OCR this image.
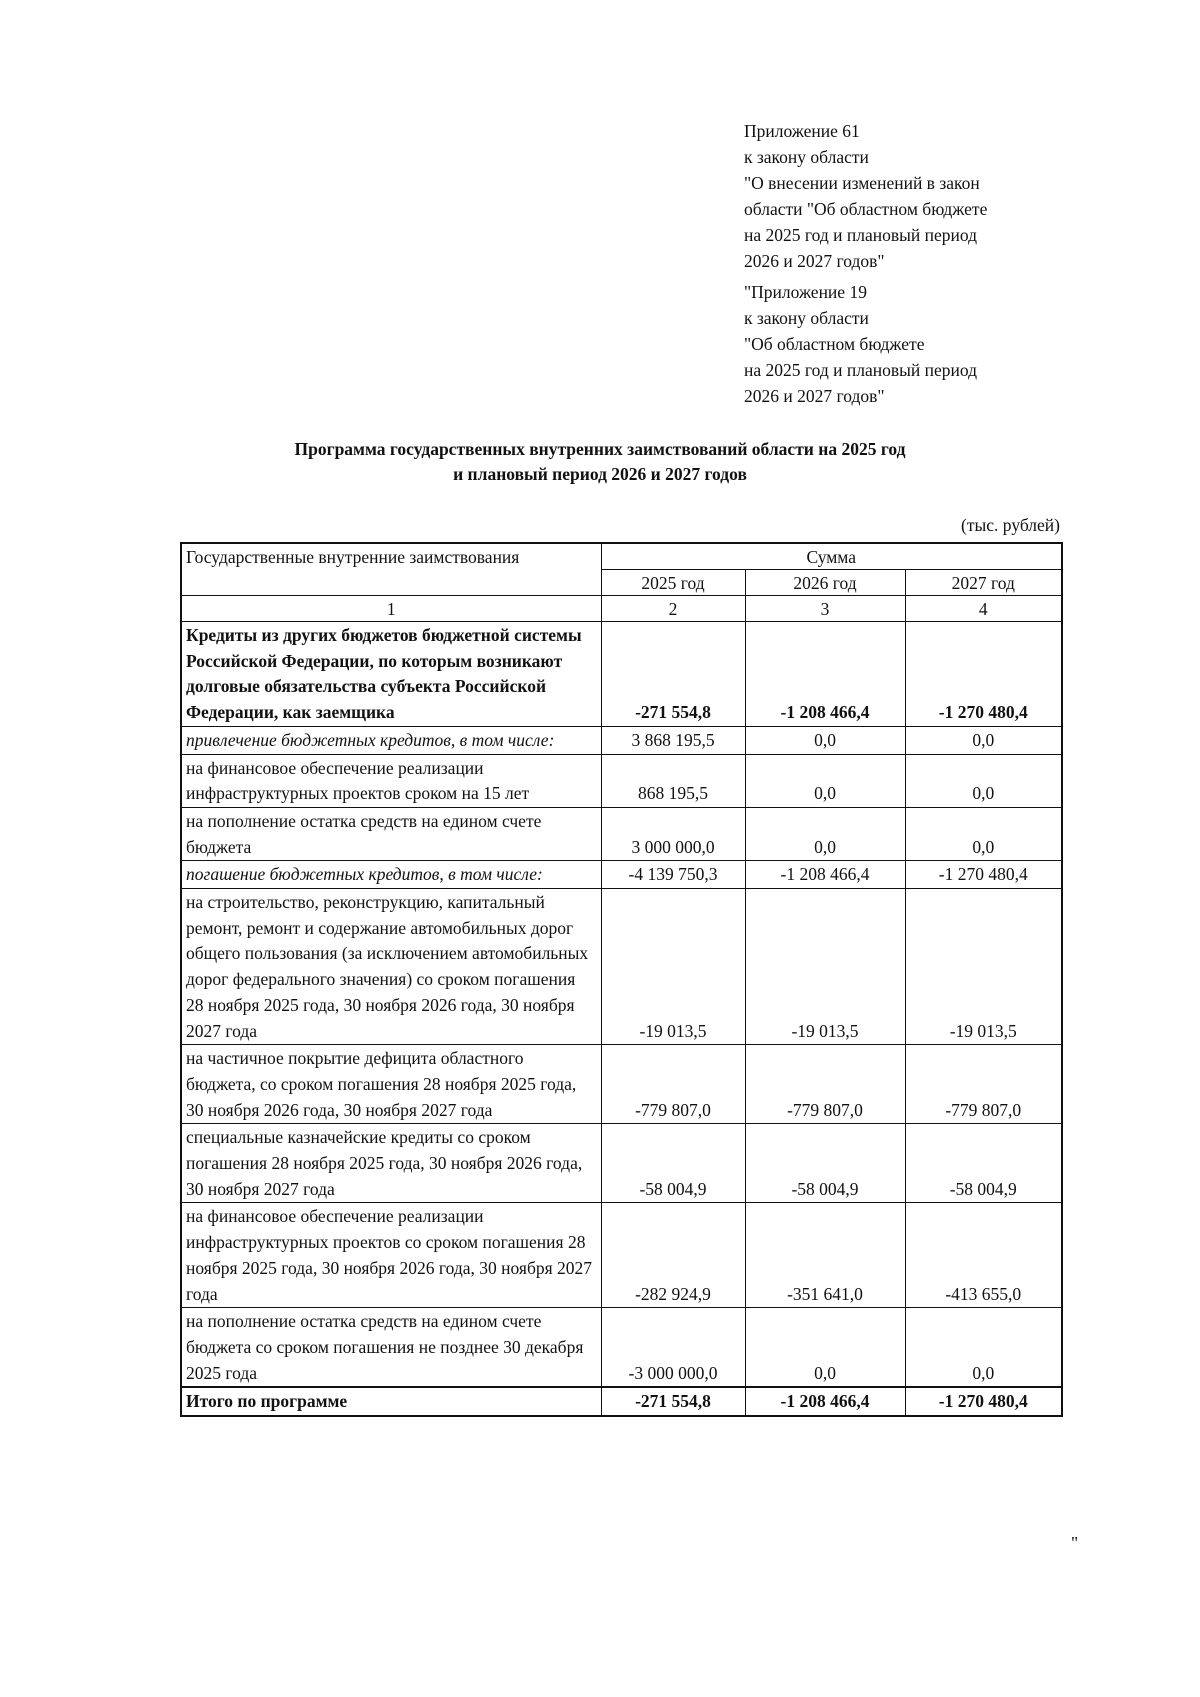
Приложение 61
к закону области
"О внесении изменений в закон
области "Об областном бюджете
на 2025 год и плановый период
2026 и 2027 годов"
"Приложение 19
к закону области
"Об областном бюджете
на 2025 год и плановый период
2026 и 2027 годов"
Программа государственных внутренних заимствований области на 2025 год
и плановый период 2026 и 2027 годов
(тыс. рублей)
Государственные внутренние заимствования	Сумма		
	2025 год	2026 год	2027 год
1	2	3	4
Кредиты из других бюджетов бюджетной системы Российской Федерации, по которым возникают долговые обязательства субъекта Российской Федерации, как заемщика	-271 554,8	-1 208 466,4	-1 270 480,4
привлечение бюджетных кредитов, в том числе:	3 868 195,5	0,0	0,0
на финансовое обеспечение реализации инфраструктурных проектов сроком на 15 лет	868 195,5	0,0	0,0
на пополнение остатка средств на едином счете бюджета	3 000 000,0	0,0	0,0
погашение бюджетных кредитов, в том числе:	-4 139 750,3	-1 208 466,4	-1 270 480,4
на строительство, реконструкцию, капитальный ремонт, ремонт и содержание автомобильных дорог общего пользования (за исключением автомобильных дорог федерального значения) со сроком погашения 28 ноября 2025 года, 30 ноября 2026 года, 30 ноября 2027 года	-19 013,5	-19 013,5	-19 013,5
на частичное покрытие дефицита областного бюджета, со сроком погашения 28 ноября 2025 года, 30 ноября 2026 года, 30 ноября 2027 года	-779 807,0	-779 807,0	-779 807,0
специальные казначейские кредиты со сроком погашения 28 ноября 2025 года, 30 ноября 2026 года, 30 ноября 2027 года	-58 004,9	-58 004,9	-58 004,9
на финансовое обеспечение реализации инфраструктурных проектов со сроком погашения 28 ноября 2025 года, 30 ноября 2026 года, 30 ноября 2027 года	-282 924,9	-351 641,0	-413 655,0
на пополнение остатка средств на едином счете бюджета со сроком погашения не позднее 30 декабря 2025 года	-3 000 000,0	0,0	0,0
Итого по программе	-271 554,8	-1 208 466,4	-1 270 480,4
"
